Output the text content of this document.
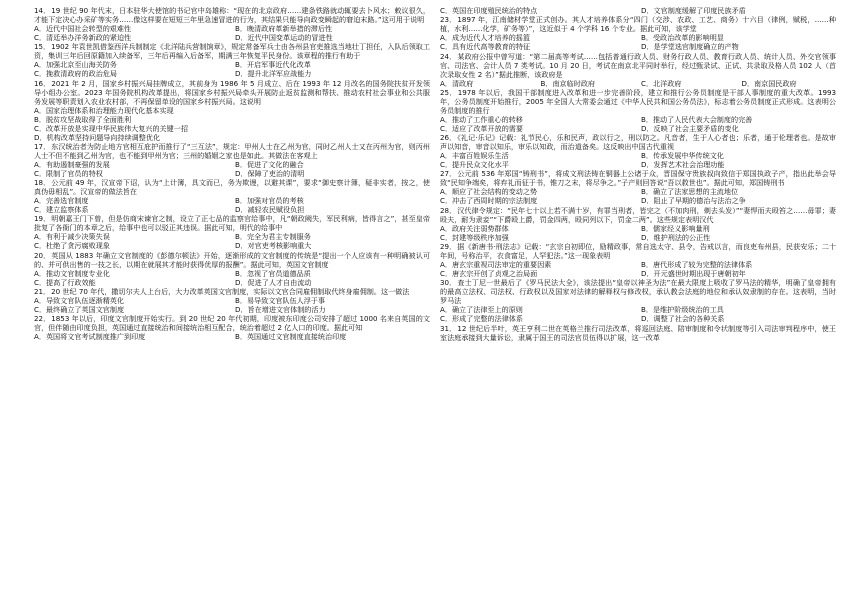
14．19 世纪 90 年代末，日本驻华大使馆的书记官中岛雄称：“现在的北京政府……建条铁路就动辄要去卜风水；敕议很久，才能下定决心办采矿等实务……像这样要在短短三年里急速冒进的行为，其结果只能导向政变瞬起的窘迫末路。”这可用于说明
A．近代中国社会转型的艰难性	B．晚清政府革新举措的滞后性
C．清廷举办洋务新政的紧迫性	D．近代中国变革运动的冒进性
15．1902 年袁世凯借鉴西洋兵制制定《北洋陆兵营制饷章》，规定常备军兵士由各州县官吏推选当地壮丁担任，入队后领取工资，集训三年后回原籍加入续备军，三年后再编入后备军，期满三年恢复平民身份。该章程的推行有助于
A．加强北京至山海关防务	B．开启军事近代化改革
C．挽救清政府的政治危局	D．提升北洋军应战能力
16．2021 年 2 月，国家乡村振兴局挂牌成立，其前身为 1986 年 5 月成立、后在 1993 年 12 月改名的国务院扶贫开发领导小组办公室。2023 年国务院机构改革提出，将国家乡村振兴局牵头开展防止返贫监测和帮扶、推动农村社会事业和公共服务发展等职责划入农业农村部，不再保留单设的国家乡村振兴局。这说明
A．国家治理体系和治理能力现代化基本实现
B．脱贫攻坚战取得了全面胜利
C．改革开放是实现中华民族伟大复兴的关键一招
D．机构改革坚持问题导向持续调整优化
17．东汉统治者为防止地方官相互庇护而推行了“三互法”，规定：甲州人士在乙州为官，同时乙州人士又在丙州为官，则丙州人士不但不能到乙州为官，也不能到甲州为官；三州的婚姻之家也是如此。其做法在客观上
A．有助遏制豪强的发展	B．促进了文化的融合
C．限制了官员的特权	D．保障了吏治的清明
18．公元前 49 年，汉宣帝下诏，认为“上计簿，具文而已，务为欺谩，以避其课”，要求“御史察计簿，疑非实者，按之，使真伪毋相乱”。汉宣帝的做法旨在
A．完善选官制度	B．加强对官员的考核
C．建立监察体系	D．减轻农民赋役负担
19．明朝嘉王门下曾，但是仿商宋谏官之制，设立了正七品的监察官给事中，凡“朝政阙失，军民利病，皆得言之”，甚至皇帝批复了各衙门的本章之后，给事中也可以驳正其违误。据此可知，明代的给事中
A．有利于减少决策失误	B．完全为君主专制服务
C．杜绝了贪污腐败现象	D．对官吏考核影响重大
20．英国从 1883 年确立文官制度的《彭德尔顿法》开始，逐渐形成的文官制度的传统是“提出一个人应该有一种明确被认可的、并可供出售的一技之长，以期在就展其才能时获得优厚的报酬”。据此可知，英国文官制度
A．推动文官制度专业化	B．忽视了官员道德品质
C．提高了行政效能	D．促进了人才自由流动
21．20 世纪 70 年代，撒切尔夫人上台后，大力改革英国文官制度，实际以文官合同雇佣制取代终身雇佣制。这一做法
A．导致文官队伍逐渐精英化	B．易导致文官队伍人浮于事
C．最终确立了英国文官制度	D．旨在增进文官体制的活力
22．1853 年以后，印度文官制度开始实行。到 20 世纪 20 年代初期，印度被东印度公司安排了超过 1000 名来自英国的文官，但伴随由印度负担，英国通过直接统治和间接统治相互配合，统治着超过 2 亿人口的印度。据此可知
A．英国将文官考试制度推广到印度	B．英国通过文官制度直接统治印度
C．英国在印度殖民统治的特点	D．文官制度缓解了印度民族矛盾
23．1897 年，江南储材学堂正式创办。其人才培养体系分“四门（交涉、农政、工艺、商务）十六目（律例，赋税，……种植，水利……化学，矿务等）”，这近似于 4 个学科 16 个专业。据此可知，该学堂
A．成为近代人才培养的摇篮	B．受政治改革的影响明显
C．具有近代高等教育的特征	D．是学堂选官制度确立的产物
24．某政府公报中曾写道：“第二届高等考试……包括普通行政人员、财务行政人员、教育行政人员、统计人员、外交官领事官、司法官、会计人员 7 类考试。10 月 20 日，考试在南京北平同时举行，经过甄录试、正试、共录取及格人员 102 人（首次录取女性 2 名）”据此推断，该政府是
A．清政府	B．南京临时政府	C．北洋政府	D．南京国民政府
25．1978 年以后，我国干部制度进入改革和进一步完善阶段，建立和推行公务员制度是干部人事制度的重大改革。1993 年，公务员制度开始推行，2005 年全国人大常委会通过《中华人民共和国公务员法》，标志着公务员制度正式形成。这表明公务员制度的推行
A．推动了工作重心的转移	B．推动了人民代表大会制度的完善
C．适应了改革开放的需要	D．反映了社会主要矛盾的变化
26．《礼记·乐记》记载：礼节民心，乐和民声，政以行之，刑以防之。凡音者，生于人心者也；乐者，通于伦理者也。是故审声以知音，审音以知乐，审乐以知政，而治道备矣。这反映出中国古代重视
A．丰富百姓娱乐生活	B．传承发展中华传统文化
C．提升民众文化水平	D．发挥艺术社会治理功能
27．公元前 536 年郑国“铸刑书”，将成文刑法铸在铜器上公诸于众，晋国保守贵族叔向致信于郑国执政子产，指出此举会导致“民知争端矣，将弃礼而征于书，锥刀之末，将尽争之。”子产则回答说“吾以救世也”。据此可知，郑国铸刑书
A．顺应了社会结构的变动之势	B．确立了法家思想的主流地位
C．冲击了西周时期的宗法制度	D．阻止了早期的德治与法治之争
28．汉代律令规定：“民年七十以上若不满十岁，有罪当刑者，皆完之（不加肉刑，剃去头发）”“妻悍而夫殴笞之……毋罪；妻殴夫，耐为隶妾”“下爵殴上爵，罚金四两，殴同列以下，罚金二两”。这些规定表明汉代
A．政府关注弱势群体	B．儒家经义影响量刑
C．封建等级秩序加强	D．维护刑法的公正性
29．据《新唐书·刑法志》记载：“玄宗自初即位，励精政事，常自选太守、县令，告戒以言，而良吏布州县，民获安乐；二十年间，号称治平，衣食富足，人罕犯法。”这一现象表明
A．唐玄宗重视司法审定的重要因素	B．唐代形成了较为完整的法律体系
C．唐玄宗开创了贞观之治局面	D．开元盛世时期出现于唐朝初年
30．查士丁尼一世最后了《罗马民法大全》，该法提出“皇帝以神圣为法”在最大限度上吸收了罗马法的精华，明确了皇帝拥有的最高立法权、司法权、行政权以及国家对法律的解释权与修改权，承认教会法庭的地位和承认奴隶制的存在。这表明，当时罗马法
A．确立了法律至上的原则	B．是维护阶级统治的工具
C．形成了完整的法律体系	D．调整了社会的各种关系
31．12 世纪后半叶，英王亨利二世在英格兰推行司法改革，将巡回法庭、陪审制度和令状制度等引入司法审判程序中，使王室法庭承接到大量诉讼，隶属于国王的司法官员伍得以扩展，这一改革
